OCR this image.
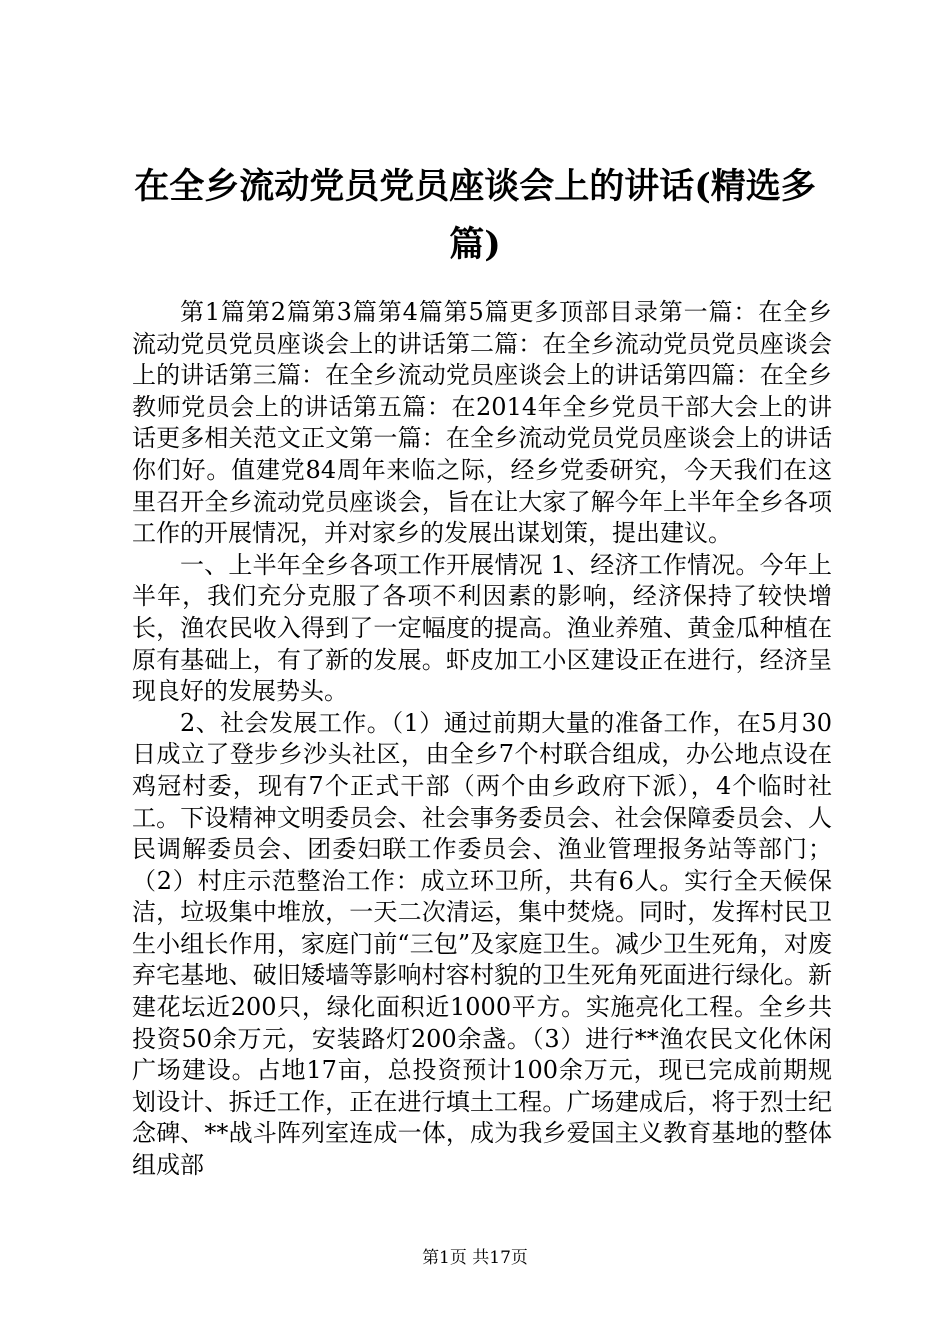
在全乡流动党员党员座谈会上的讲话(精选多篇)

第1篇第2篇第3篇第4篇第5篇更多顶部目录第一篇：在全乡流动党员党员座谈会上的讲话第二篇：在全乡流动党员党员座谈会上的讲话第三篇：在全乡流动党员座谈会上的讲话第四篇：在全乡教师党员会上的讲话第五篇：在2014年全乡党员干部大会上的讲话更多相关范文正文第一篇：在全乡流动党员党员座谈会上的讲话你们好。值建党84周年来临之际，经乡党委研究，今天我们在这里召开全乡流动党员座谈会，旨在让大家了解今年上半年全乡各项工作的开展情况，并对家乡的发展出谋划策，提出建议。

一、上半年全乡各项工作开展情况 1、经济工作情况。今年上半年，我们充分克服了各项不利因素的影响，经济保持了较快增长，渔农民收入得到了一定幅度的提高。渔业养殖、黄金瓜种植在原有基础上，有了新的发展。虾皮加工小区建设正在进行，经济呈现良好的发展势头。

2、社会发展工作。（1）通过前期大量的准备工作，在5月30日成立了登步乡沙头社区，由全乡7个村联合组成，办公地点设在鸡冠村委，现有7个正式干部（两个由乡政府下派），4个临时社工。下设精神文明委员会、社会事务委员会、社会保障委员会、人民调解委员会、团委妇联工作委员会、渔业管理报务站等部门；（2）村庄示范整治工作：成立环卫所，共有6人。实行全天候保洁，垃圾集中堆放，一天二次清运，集中焚烧。同时，发挥村民卫生小组长作用，家庭门前“三包”及家庭卫生。减少卫生死角，对废弃宅基地、破旧矮墙等影响村容村貌的卫生死角死面进行绿化。新建花坛近200只，绿化面积近1000平方。实施亮化工程。全乡共投资50余万元，安装路灯200余盏。（3）进行**渔农民文化休闲广场建设。占地17亩，总投资预计100余万元，现已完成前期规划设计、拆迁工作，正在进行填土工程。广场建成后，将于烈士纪念碑、**战斗阵列室连成一体，成为我乡爱国主义教育基地的整体组成部

第1页 共17页
